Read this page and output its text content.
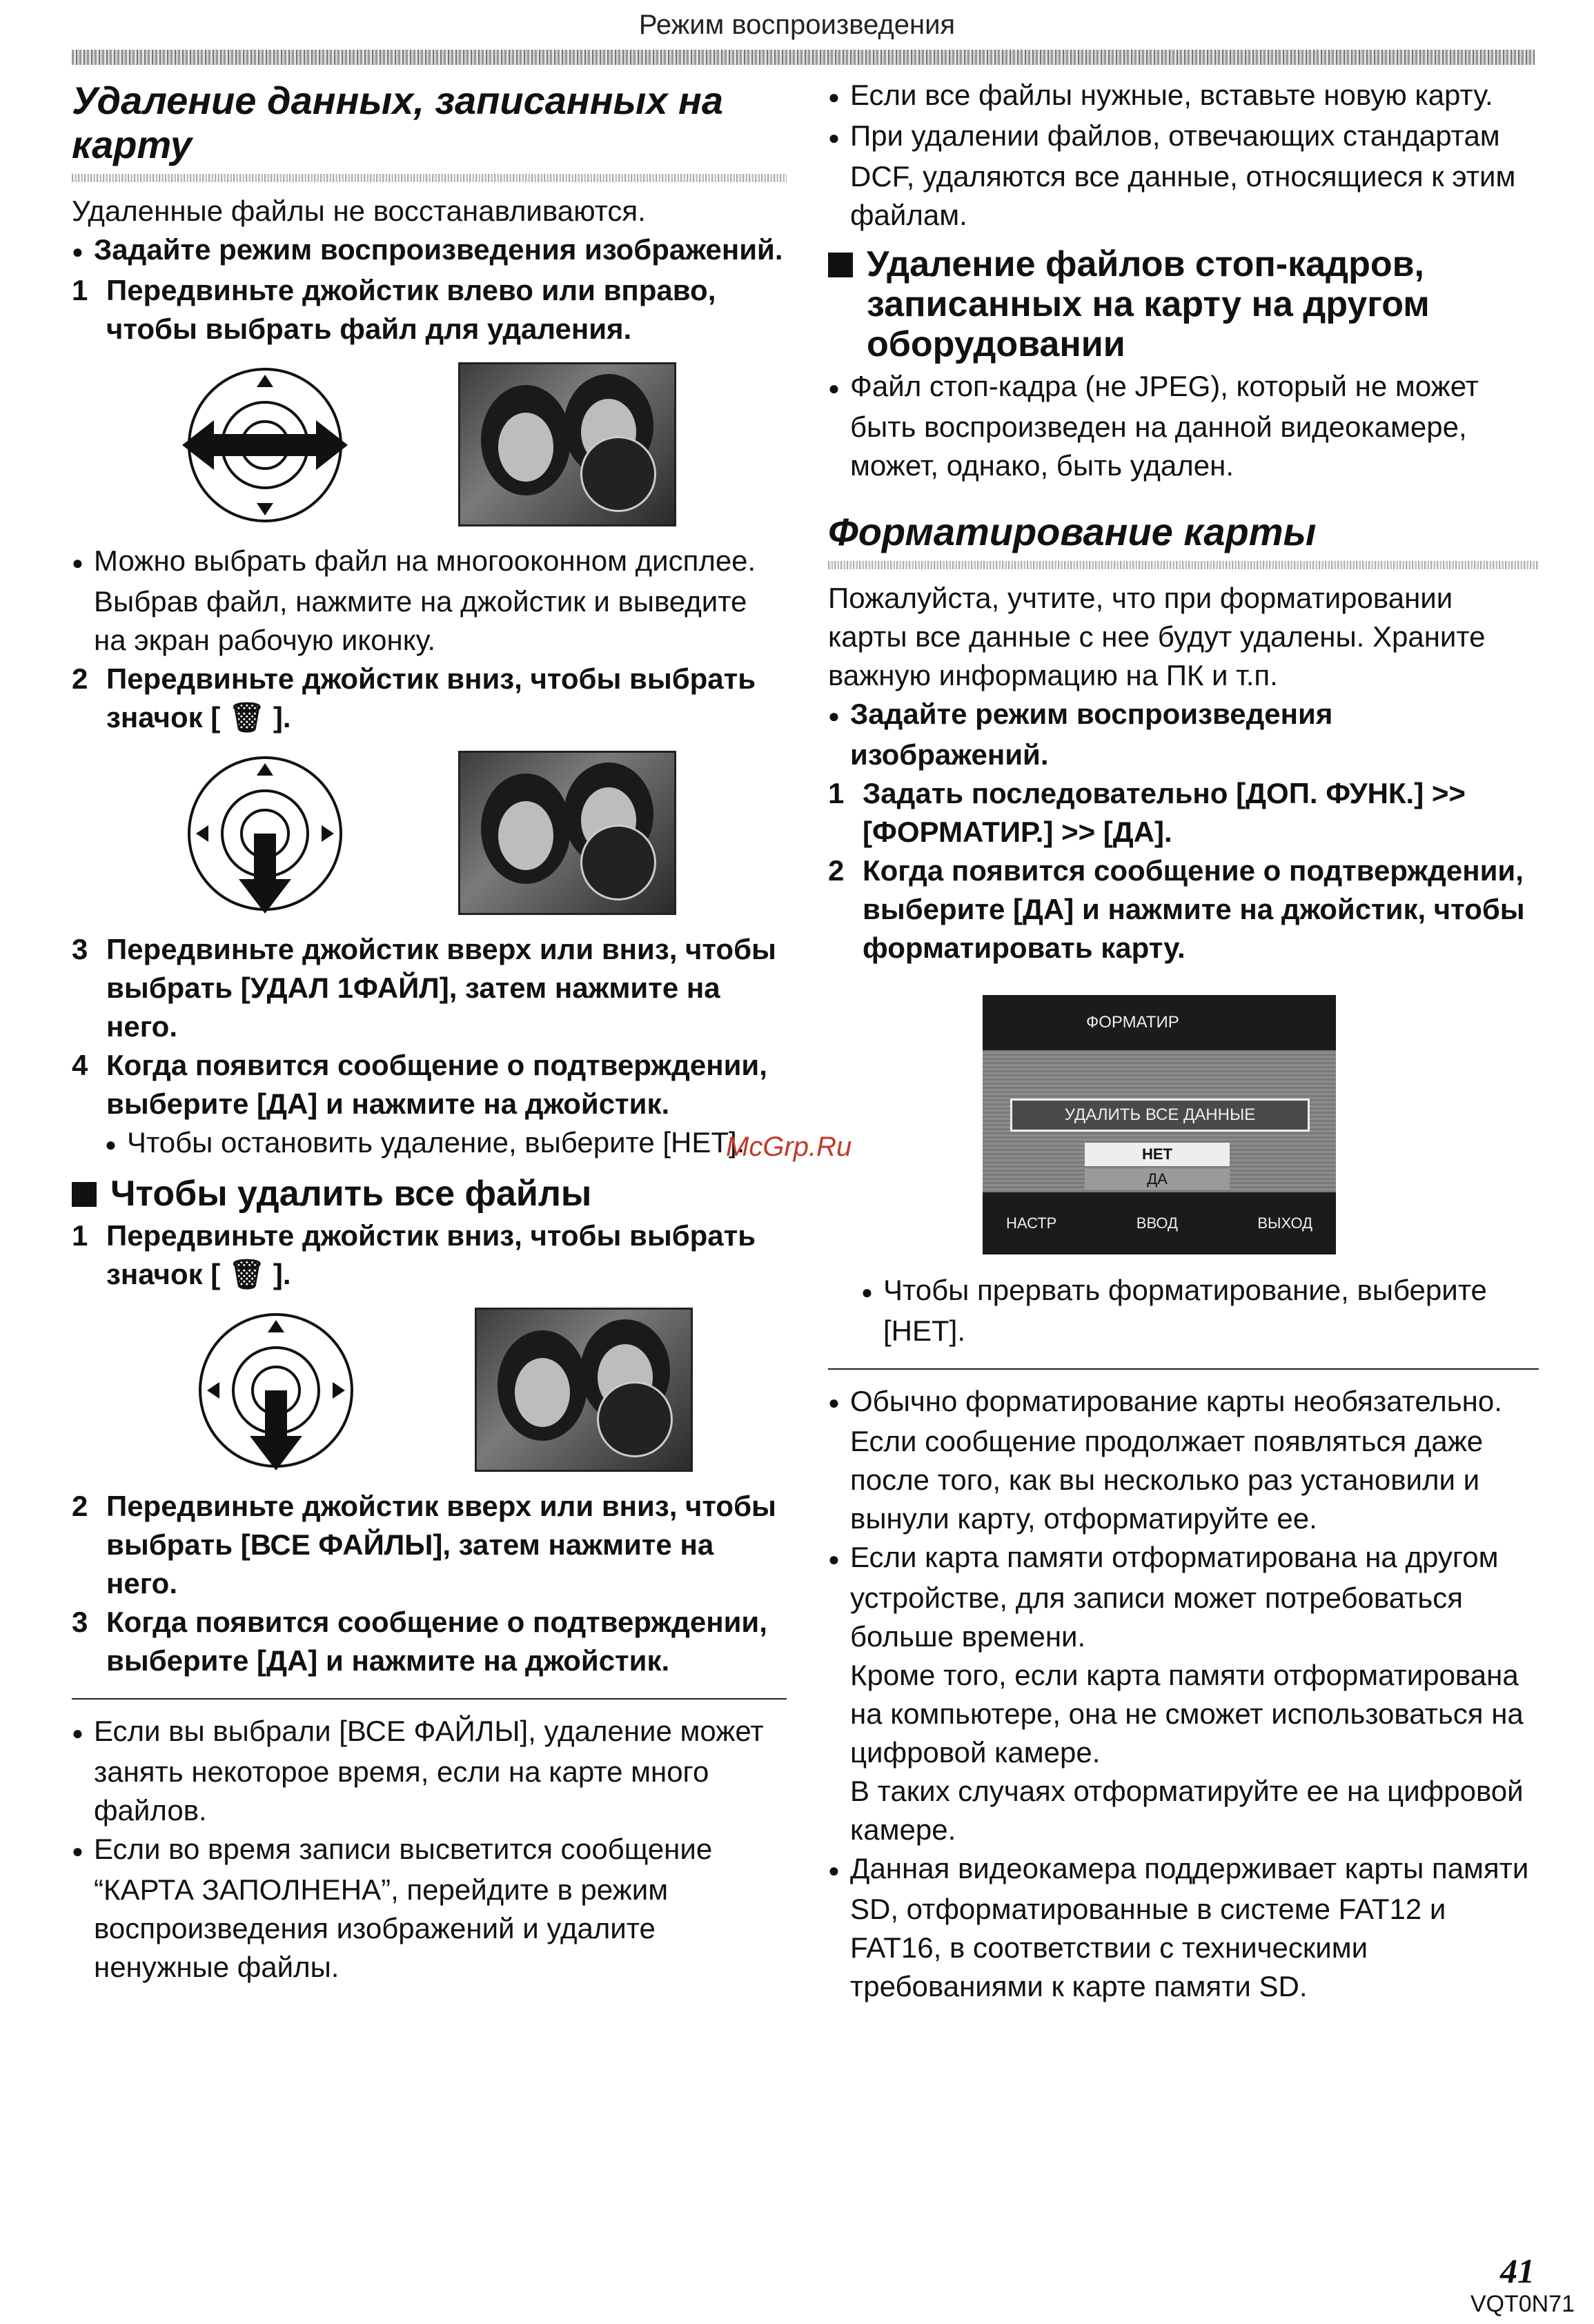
Режим воспроизведения
Удаление данных, записанных на карту

Удаленные файлы не восстанавливаются.

● Задайте режим воспроизведения изображений.

1 Передвиньте джойстик влево или вправо, чтобы выбрать файл для удаления.

● Можно выбрать файл на многооконном дисплее. Выбрав файл, нажмите на джойстик и выведите на экран рабочую иконку.

2 Передвиньте джойстик вниз, чтобы выбрать значок [ 🗑 ].
3 Передвиньте джойстик вверх или вниз, чтобы выбрать [УДАЛ 1ФАЙЛ], затем нажмите на него.
4 Когда появится сообщение о подтверждении, выберите [ДА] и нажмите на джойстик.

● Чтобы остановить удаление, выберите [НЕТ].

Чтобы удалить все файлы
1 Передвиньте джойстик вниз, чтобы выбрать значок [ 🗑 ].
2 Передвиньте джойстик вверх или вниз, чтобы выбрать [ВСЕ ФАЙЛЫ], затем нажмите на него.
3 Когда появится сообщение о подтверждении, выберите [ДА] и нажмите на джойстик.

● Если вы выбрали [ВСЕ ФАЙЛЫ], удаление может занять некоторое время, если на карте много файлов.

● Если во время записи высветится сообщение “КАРТА ЗАПОЛНЕНА”, перейдите в режим воспроизведения изображений и удалите ненужные файлы.

● Если все файлы нужные, вставьте новую карту.

● При удалении файлов, отвечающих стандартам DCF, удаляются все данные, относящиеся к этим файлам.

Удаление файлов стоп-кадров, записанных на карту на другом оборудовании

● Файл стоп-кадра (не JPEG), который не может быть воспроизведен на данной видеокамере, может, однако, быть удален.

Форматирование карты

Пожалуйста, учтите, что при форматировании карты все данные с нее будут удалены. Храните важную информацию на ПК и т.п.

● Задайте режим воспроизведения изображений.

1 Задать последовательно [ДОП. ФУНК.] >> [ФОРМАТИР.] >> [ДА].
2 Когда появится сообщение о подтверждении, выберите [ДА] и нажмите на джойстик, чтобы форматировать карту.
ФОРМАТИР
УДАЛИТЬ ВСЕ ДАННЫЕ
НЕТ
ДА
НАСТР	ВВОД	ВЫХОД

● Чтобы прервать форматирование, выберите [НЕТ].

● Обычно форматирование карты необязательно. Если сообщение продолжает появляться даже после того, как вы несколько раз установили и вынули карту, отформатируйте ее.

● Если карта памяти отформатирована на другом устройстве, для записи может потребоваться больше времени.

Кроме того, если карта памяти отформатирована на компьютере, она не сможет использоваться на цифровой камере.

В таких случаях отформатируйте ее на цифровой камере.

● Данная видеокамера поддерживает карты памяти SD, отформатированные в системе FAT12 и FAT16, в соответствии с техническими требованиями к карте памяти SD.

McGrp.Ru
41
VQT0N71
